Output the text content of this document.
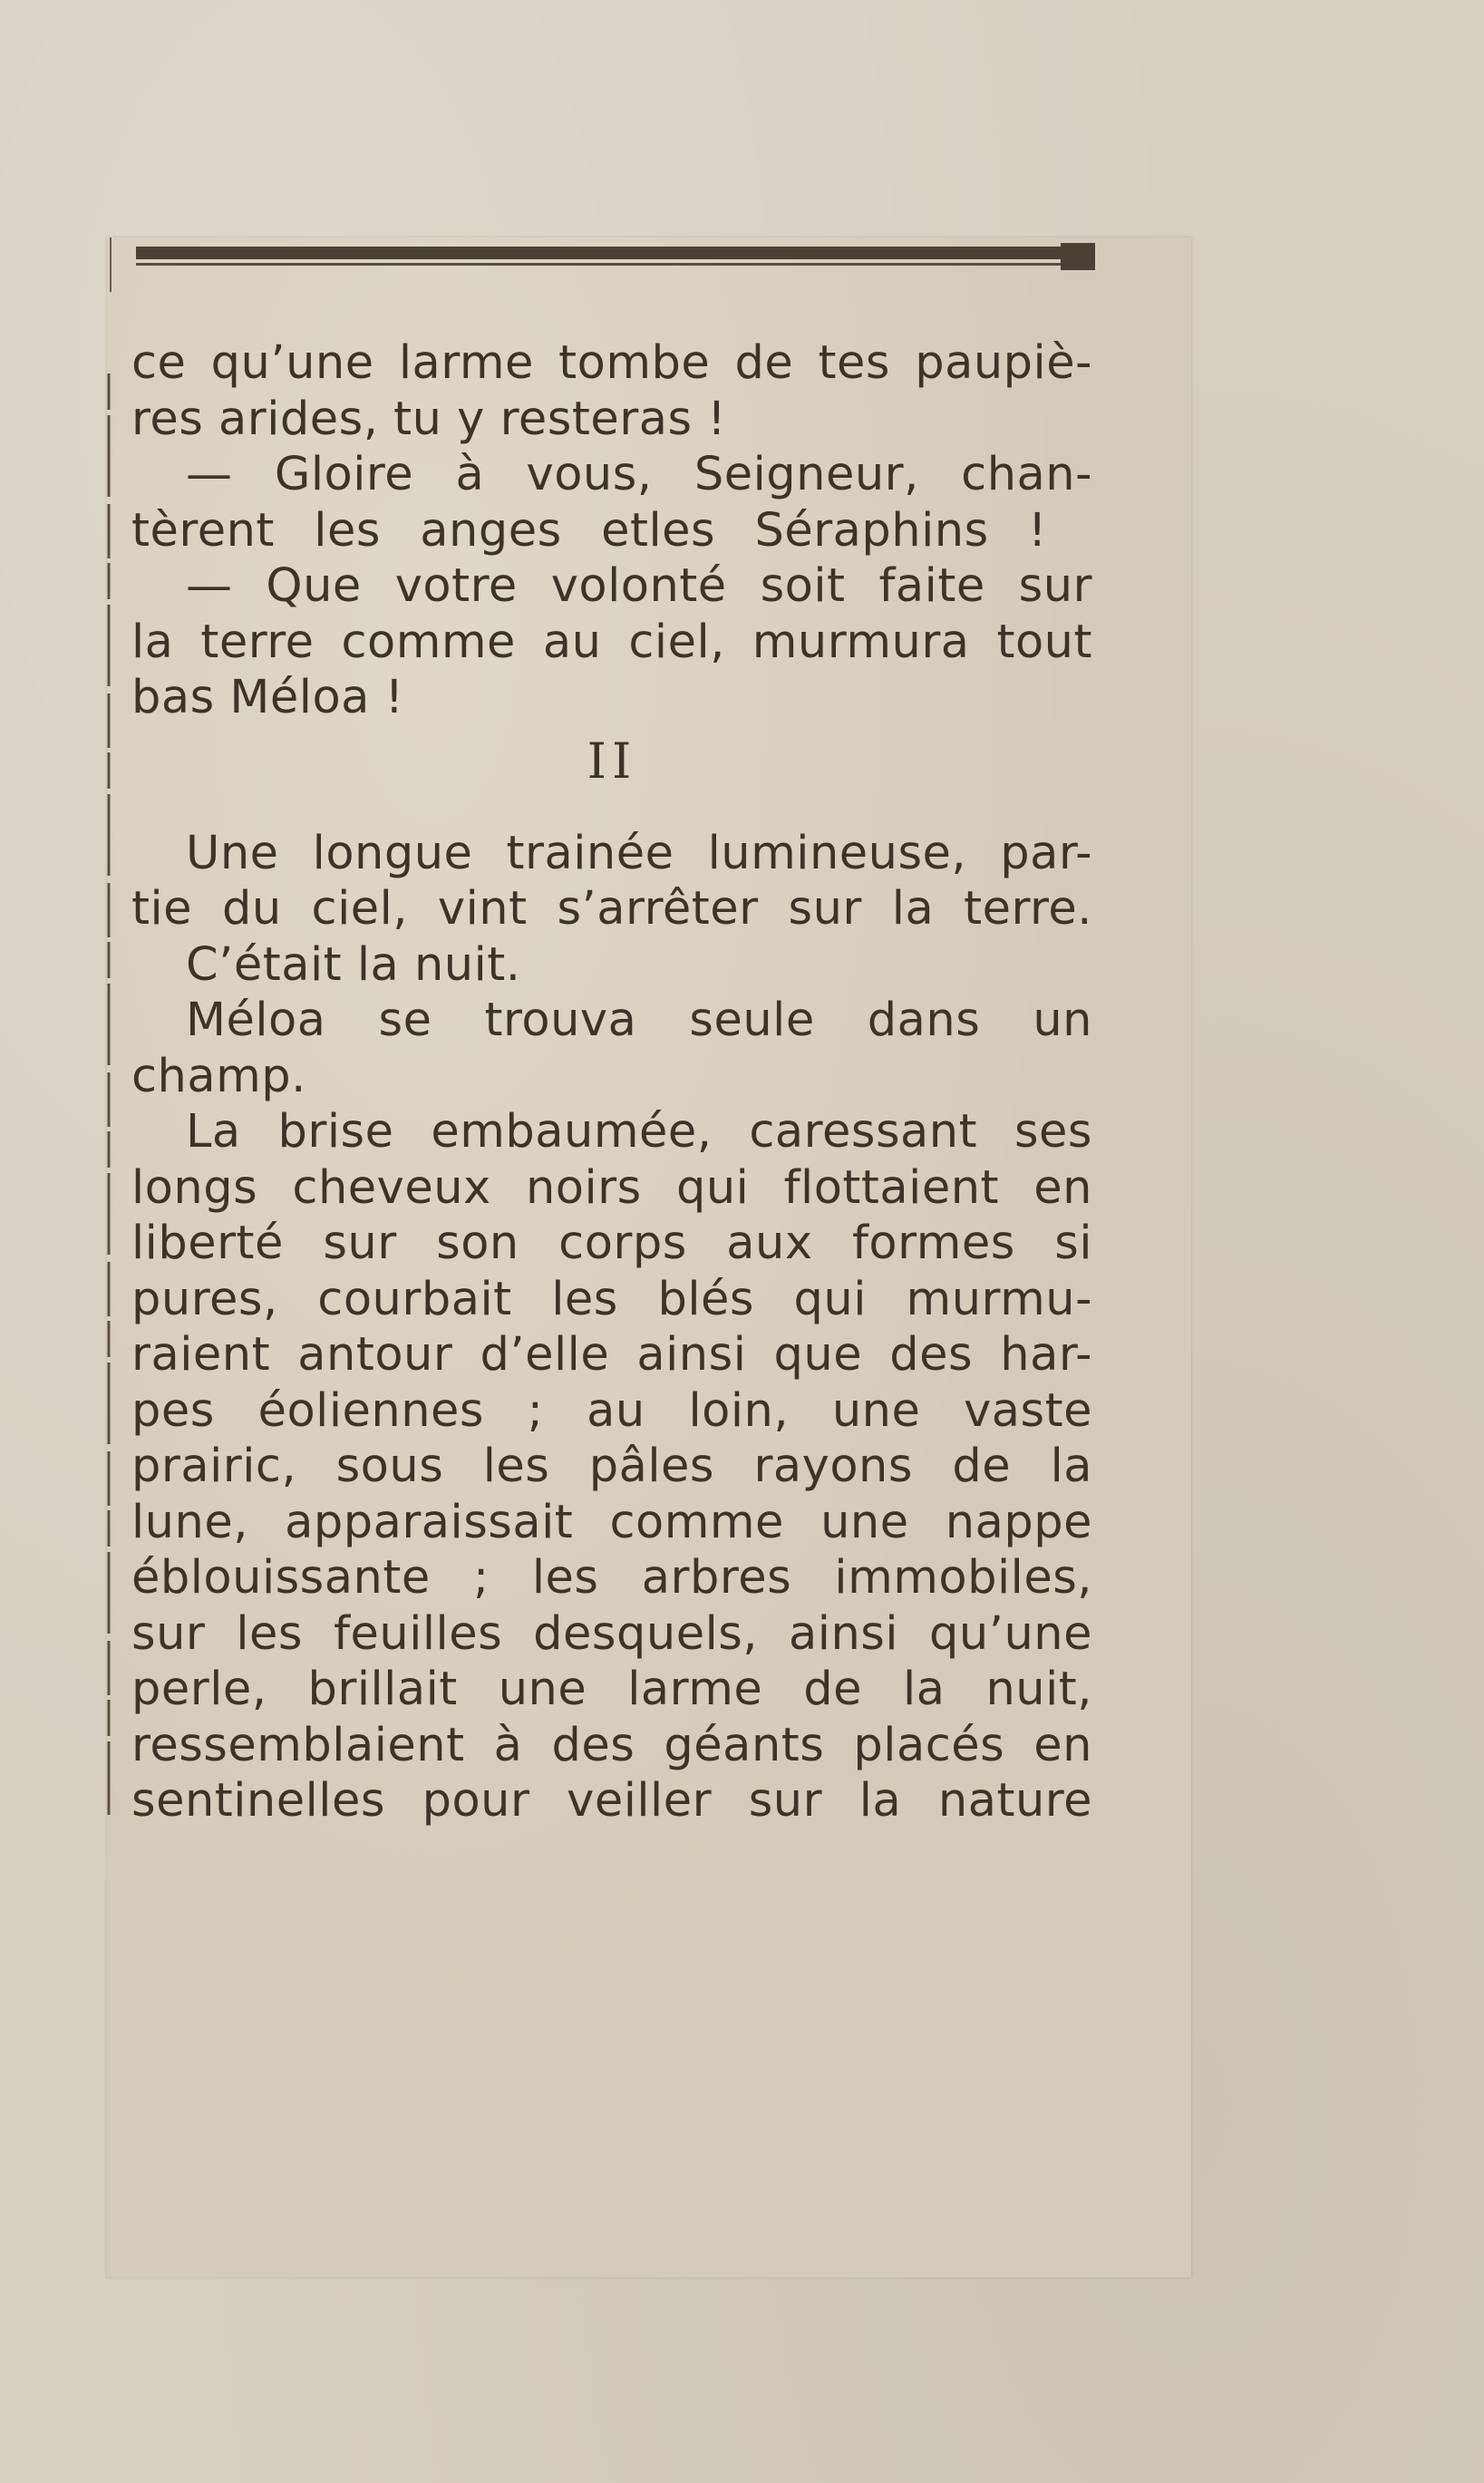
ce qu’une larme tombe de tes paupiè-
res arides, tu y resteras !
— Gloire à vous, Seigneur, chan-
tèrent les anges etles Séraphins !
— Que votre volonté soit faite sur
la terre comme au ciel, murmura tout
bas Méloa !
II
Une longue trainée lumineuse, par-
tie du ciel, vint s’arrêter sur la terre.
C’était la nuit.
Méloa se trouva seule dans un
champ.
La brise embaumée, caressant ses
longs cheveux noirs qui flottaient en
liberté sur son corps aux formes si
pures, courbait les blés qui murmu-
raient antour d’elle ainsi que des har-
pes éoliennes ; au loin, une vaste
prairic, sous les pâles rayons de la
lune, apparaissait comme une nappe
éblouissante ; les arbres immobiles,
sur les feuilles desquels, ainsi qu’une
perle, brillait une larme de la nuit,
ressemblaient à des géants placés en
sentinelles pour veiller sur la nature
